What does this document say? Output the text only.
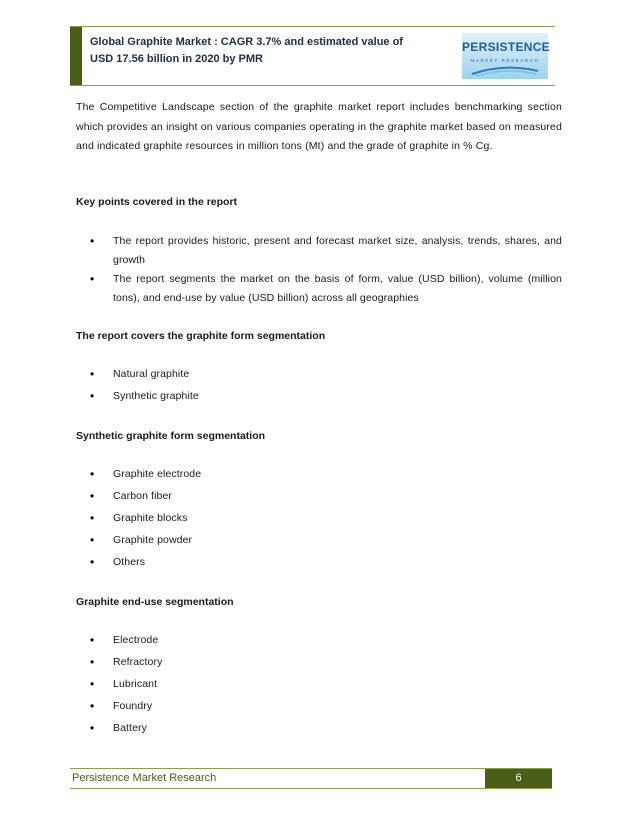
Global Graphite Market : CAGR 3.7% and estimated value of
USD 17.56 billion in 2020 by PMR
PERSISTENCE
MARKET RESEARCH

The Competitive Landscape section of the graphite market report includes benchmarking section which provides an insight on various companies operating in the graphite market based on measured and indicated graphite resources in million tons (Mt) and the grade of graphite in % Cg.

Key points covered in the report
• The report provides historic, present and forecast market size, analysis, trends, shares, and growth
• The report segments the market on the basis of form, value (USD billion), volume (million tons), and end-use by value (USD billion) across all geographies
The report covers the graphite form segmentation
• Natural graphite
• Synthetic graphite
Synthetic graphite form segmentation
• Graphite electrode
• Carbon fiber
• Graphite blocks
• Graphite powder
• Others
Graphite end-use segmentation
• Electrode
• Refractory
• Lubricant
• Foundry
• Battery
Persistence Market Research	6
